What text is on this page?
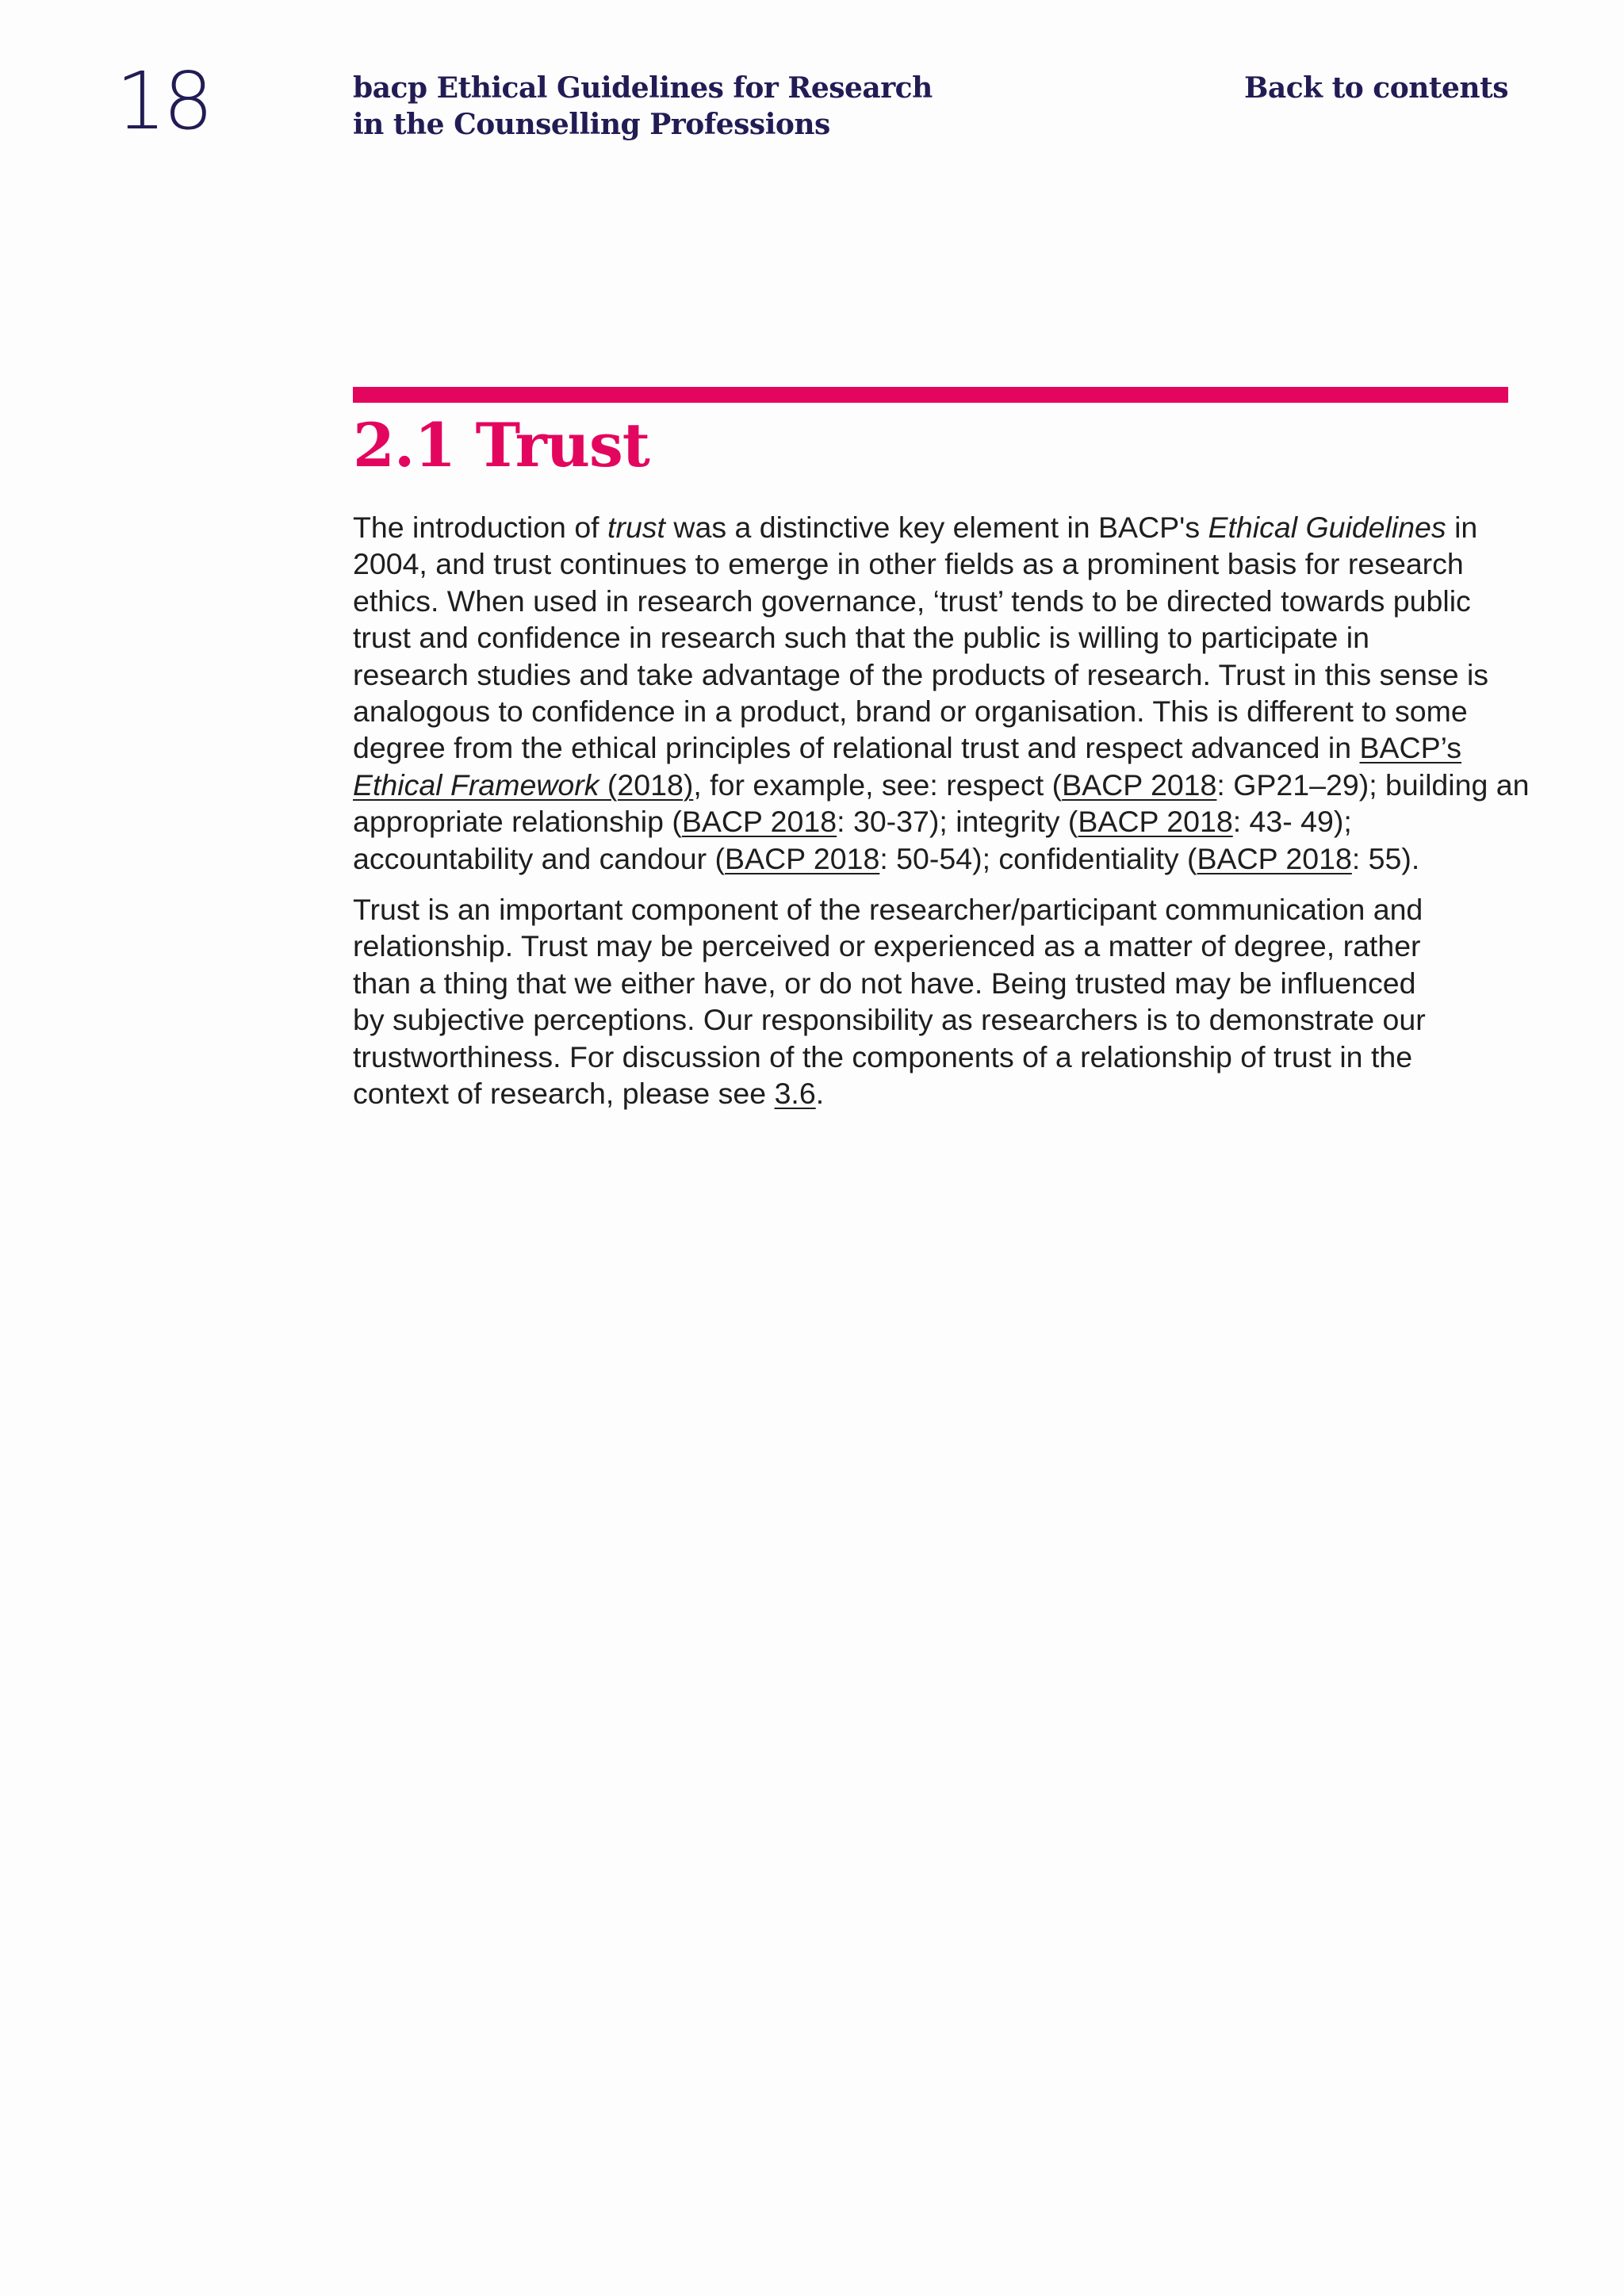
18	bacp Ethical Guidelines for Research
in the Counselling Professions
Back to contents
2.1 Trust

The introduction of trust was a distinctive key element in BACP's Ethical Guidelines in
2004, and trust continues to emerge in other fields as a prominent basis for research
ethics. When used in research governance, ‘trust’ tends to be directed towards public
trust and confidence in research such that the public is willing to participate in
research studies and take advantage of the products of research. Trust in this sense is
analogous to confidence in a product, brand or organisation. This is different to some
degree from the ethical principles of relational trust and respect advanced in BACP’s
Ethical Framework (2018), for example, see: respect (BACP 2018: GP21–29); building an
appropriate relationship (BACP 2018: 30-37); integrity (BACP 2018: 43- 49);
accountability and candour (BACP 2018: 50-54); confidentiality (BACP 2018: 55).

Trust is an important component of the researcher/participant communication and
relationship. Trust may be perceived or experienced as a matter of degree, rather
than a thing that we either have, or do not have. Being trusted may be influenced
by subjective perceptions. Our responsibility as researchers is to demonstrate our
trustworthiness. For discussion of the components of a relationship of trust in the
context of research, please see 3.6.
